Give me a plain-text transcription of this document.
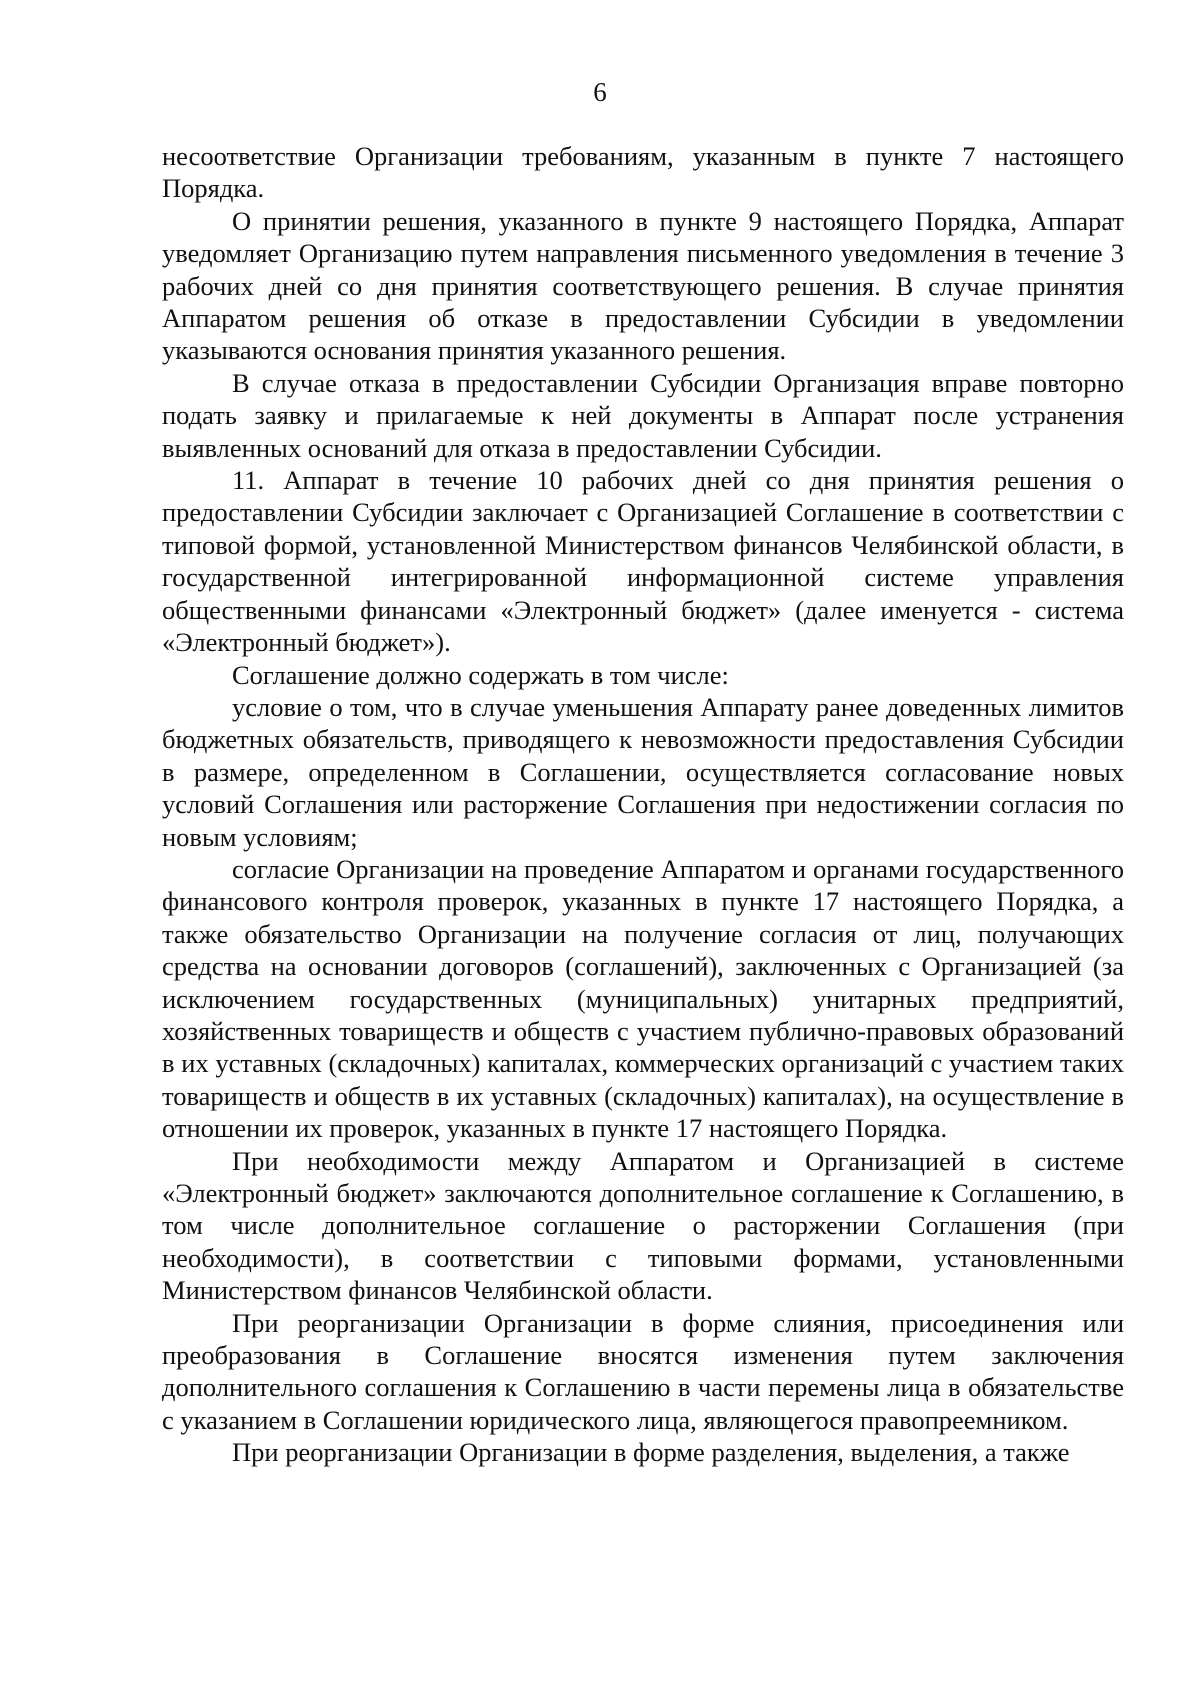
6

несоответствие Организации требованиям, указанным в пункте 7 настоящего Порядка.

О принятии решения, указанного в пункте 9 настоящего Порядка, Аппарат уведомляет Организацию путем направления письменного уведомления в течение 3 рабочих дней со дня принятия соответствующего решения. В случае принятия Аппаратом решения об отказе в предоставлении Субсидии в уведомлении указываются основания принятия указанного решения.

В случае отказа в предоставлении Субсидии Организация вправе повторно подать заявку и прилагаемые к ней документы в Аппарат после устранения выявленных оснований для отказа в предоставлении Субсидии.

11. Аппарат в течение 10 рабочих дней со дня принятия решения о предоставлении Субсидии заключает с Организацией Соглашение в соответствии с типовой формой, установленной Министерством финансов Челябинской области, в государственной интегрированной информационной системе управления общественными финансами «Электронный бюджет» (далее именуется - система «Электронный бюджет»).

Соглашение должно содержать в том числе:

условие о том, что в случае уменьшения Аппарату ранее доведенных лимитов бюджетных обязательств, приводящего к невозможности предоставления Субсидии в размере, определенном в Соглашении, осуществляется согласование новых условий Соглашения или расторжение Соглашения при недостижении согласия по новым условиям;

согласие Организации на проведение Аппаратом и органами государственного финансового контроля проверок, указанных в пункте 17 настоящего Порядка, а также обязательство Организации на получение согласия от лиц, получающих средства на основании договоров (соглашений), заключенных с Организацией (за исключением государственных (муниципальных) унитарных предприятий, хозяйственных товариществ и обществ с участием публично-правовых образований в их уставных (складочных) капиталах, коммерческих организаций с участием таких товариществ и обществ в их уставных (складочных) капиталах), на осуществление в отношении их проверок, указанных в пункте 17 настоящего Порядка.

При необходимости между Аппаратом и Организацией в системе «Электронный бюджет» заключаются дополнительное соглашение к Соглашению, в том числе дополнительное соглашение о расторжении Соглашения (при необходимости), в соответствии с типовыми формами, установленными Министерством финансов Челябинской области.

При реорганизации Организации в форме слияния, присоединения или преобразования в Соглашение вносятся изменения путем заключения дополнительного соглашения к Соглашению в части перемены лица в обязательстве с указанием в Соглашении юридического лица, являющегося правопреемником.

При реорганизации Организации в форме разделения, выделения, а также
